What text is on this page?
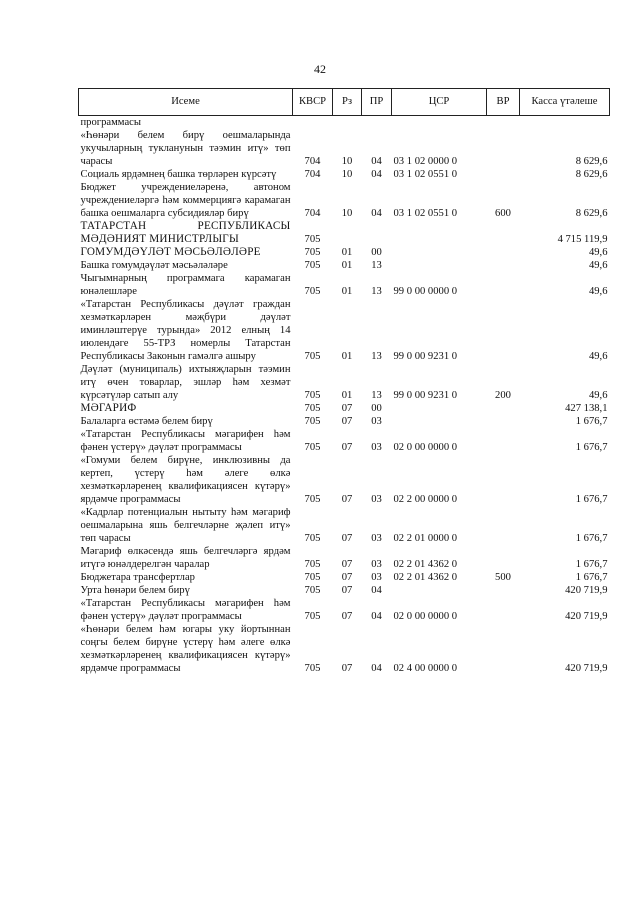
42
Исеме	КВСР	Рз	ПР	ЦСР	ВР	Касса үтәлеше
программасы						
«Һөнәри белем бирү оешмаларында укучыларның тукланунын тәэмин итү» төп чарасы	704	10	04	03 1 02 0000 0		8 629,6
Социаль ярдәмнең башка төрләрен күрсәтү	704	10	04	03 1 02 0551 0		8 629,6
Бюджет учреждениеләренә, автоном учреждениеләргә һәм коммерциягә карамаган башка оешмаларга субсидияләр бирү	704	10	04	03 1 02 0551 0	600	8 629,6
ТАТАРСТАН РЕСПУБЛИКАСЫ МӘДӘНИЯТ МИНИСТРЛЫГЫ	705					4 715 119,9
ГОМУМДӘҮЛӘТ МӘСЬӘЛӘЛӘРЕ	705	01	00			49,6
Башка гомумдәүләт мәсьәләләре	705	01	13			49,6
Чыгымнарның программага карамаган юнәлешләре	705	01	13	99 0 00 0000 0		49,6
«Татарстан Республикасы дәүләт граждан хезмәткәрләрен мәҗбүри дәүләт иминләштерүе турында» 2012 елның 14 июлендәге 55-ТРЗ номерлы Татарстан Республикасы Законын гамәлгә ашыру	705	01	13	99 0 00 9231 0		49,6
Дәүләт (муниципаль) ихтыяҗларын тәэмин итү өчен товарлар, эшләр һәм хезмәт күрсәтүләр сатып алу	705	01	13	99 0 00 9231 0	200	49,6
МӘГАРИФ	705	07	00			427 138,1
Балаларга өстәмә белем бирү	705	07	03			1 676,7
«Татарстан Республикасы мәгарифен һәм фәнен үстерү» дәүләт программасы	705	07	03	02 0 00 0000 0		1 676,7
«Гомуми белем бирүне, инклюзивны да кертеп, үстерү һәм әлеге өлкә хезмәткәрләренең квалификациясен күтәрү» ярдәмче программасы	705	07	03	02 2 00 0000 0		1 676,7
«Кадрлар потенциалын нытыту һәм мәгариф оешмаларына яшь белгечләрне җәлеп итү» төп чарасы	705	07	03	02 2 01 0000 0		1 676,7
Мәгариф өлкәсендә яшь белгечләргә ярдәм итүгә юнәлдерелгән чаралар	705	07	03	02 2 01 4362 0		1 676,7
Бюджетара трансфертлар	705	07	03	02 2 01 4362 0	500	1 676,7
Урта һөнәри белем бирү	705	07	04			420 719,9
«Татарстан Республикасы мәгарифен һәм фәнен үстерү» дәүләт программасы	705	07	04	02 0 00 0000 0		420 719,9
«Һөнәри белем һәм югары уку йортыннан соңгы белем бирүне үстерү һәм әлеге өлкә хезмәткәрләренең квалификациясен күтәрү» ярдәмче программасы	705	07	04	02 4 00 0000 0		420 719,9
